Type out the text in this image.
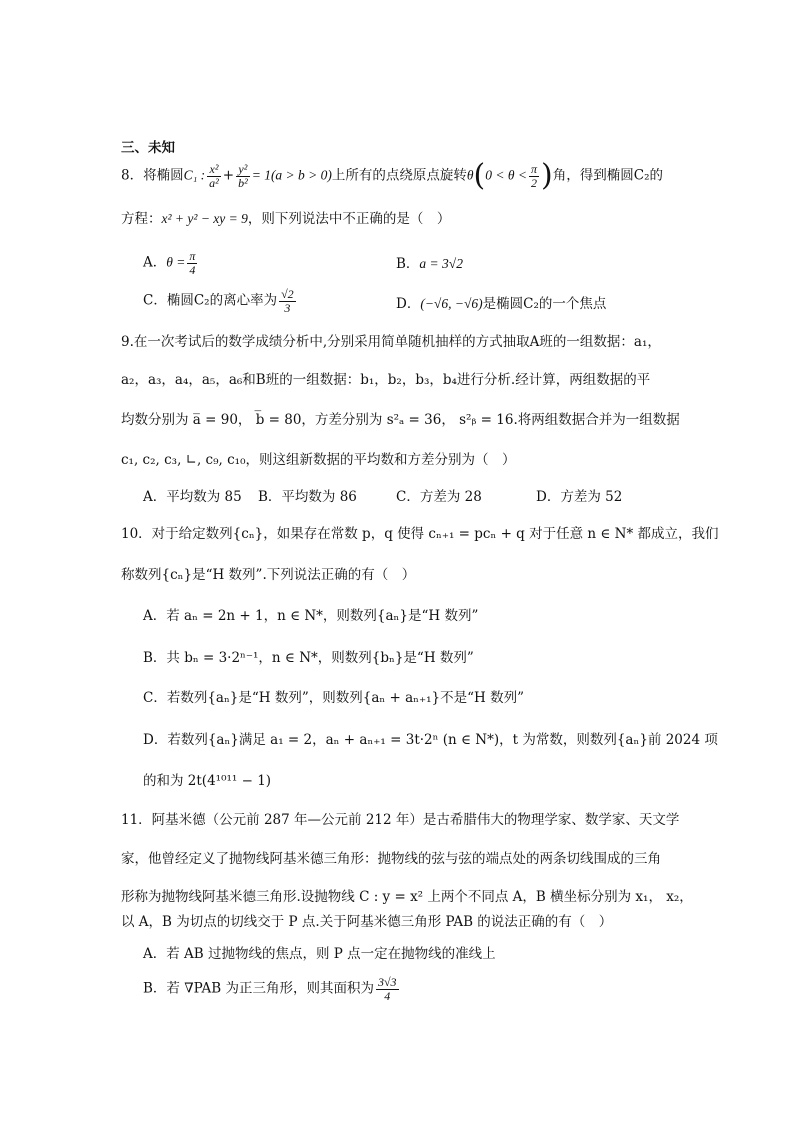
三、未知
8．将椭圆C₁ : $\frac{\text{x²}}{\text{a²}} + \frac{\text{y²}}{\text{b²}} = 1(a > b > 0)$上所有的点绕原点旋转$\theta(0 < \theta < \frac{\pi}{2}$ )角，得到椭圆C₂的
方程：x² + y² − xy = 9，则下列说法中不正确的是（　）
A．$\theta = \frac{\pi}{4}$	B．a = 3√2
C．椭圆C₂的离心率为 $\frac{√2}{3}$	D．(−√6, −√6)是椭圆C₂的一个焦点
9.在一次考试后的数学成绩分析中,分别采用简单随机抽样的方式抽取A班的一组数据：a₁，
a₂，a₃，a₄，a₅，a₆和B班的一组数据：b₁，b₂，b₃，b₄进行分析.经计算，两组数据的平
均数分别为 a̅ = 90， b̅ = 80，方差分别为 s²ₐ = 36， s²ᵦ = 16.将两组数据合并为一组数据
c₁, c₂, c₃, ∟, c₉, c₁₀，则这组新数据的平均数和方差分别为（　）
A．平均数为 85 B．平均数为 86	C．方差为 28	D．方差为 52
10．对于给定数列{cₙ}，如果存在常数 p，q 使得 cₙ₊₁ = pcₙ + q 对于任意 n ∈ N* 都成立，我们
称数列{cₙ}是“H 数列”.下列说法正确的有（　）
A．若 aₙ = 2n + 1，n ∈ N*，则数列{aₙ}是“H 数列”
B．共 bₙ = 3·2ⁿ⁻¹，n ∈ N*，则数列{bₙ}是“H 数列”
C．若数列{aₙ}是“H 数列”，则数列{aₙ + aₙ₊₁}不是“H 数列”
D．若数列{aₙ}满足 a₁ = 2，aₙ + aₙ₊₁ = 3t·2ⁿ (n ∈ N*)，t 为常数，则数列{aₙ}前 2024 项
的和为 2t(4¹⁰¹¹ − 1)
11．阿基米德（公元前 287 年—公元前 212 年）是古希腊伟大的物理学家、数学家、天文学
家，他曾经定义了抛物线阿基米德三角形：抛物线的弦与弦的端点处的两条切线围成的三角
形称为抛物线阿基米德三角形.设抛物线 C : y = x² 上两个不同点 A，B 横坐标分别为 x₁， x₂，
以 A，B 为切点的切线交于 P 点.关于阿基米德三角形 PAB 的说法正确的有（　）
A．若 AB 过抛物线的焦点，则 P 点一定在抛物线的准线上
B．若 ∇PAB 为正三角形，则其面积为 $\frac{3√3}{4}$
